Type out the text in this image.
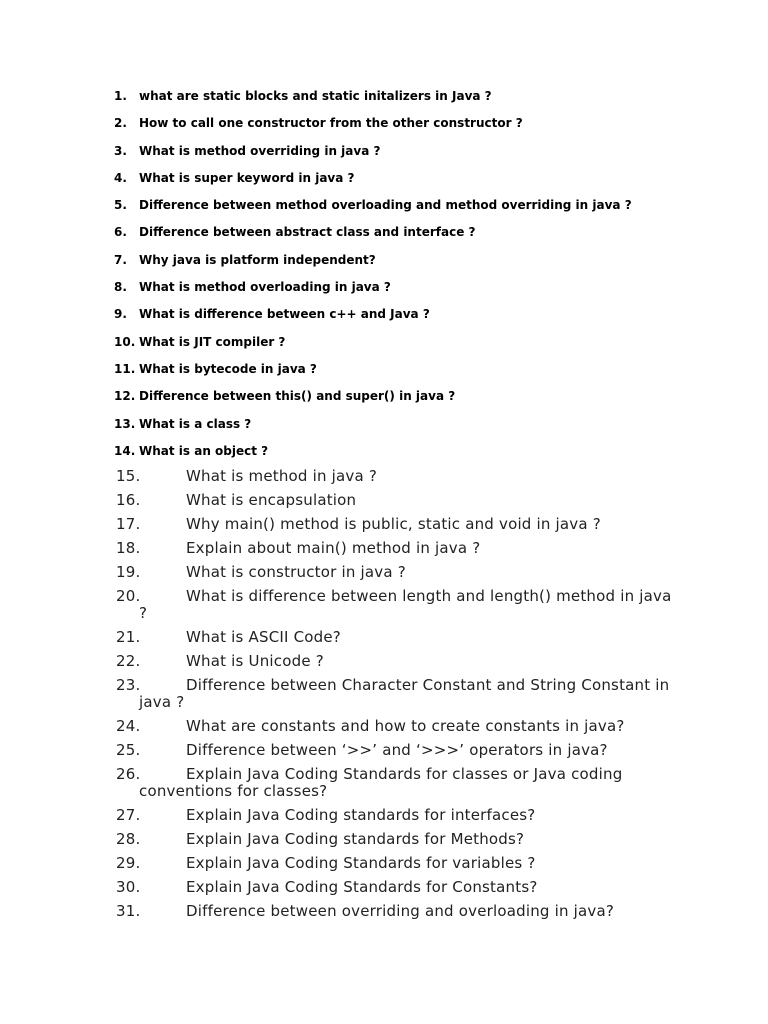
1. what are static blocks and static initalizers in Java ?
2. How to call one constructor from the other constructor ?
3. What is method overriding in java ?
4. What is super keyword in java ?
5. Difference between method overloading and method overriding in java ?
6. Difference between abstract class and interface ?
7. Why java is platform independent?
8. What is method overloading in java ?
9. What is difference between c++ and Java ?
10. What is JIT compiler ?
11. What is bytecode in java ?
12. Difference between this() and super() in java ?
13. What is a class ?
14. What is an object ?
15.	What is method in java ?
16.	What is encapsulation
17.	Why main() method is public, static and void in java ?
18.	Explain about main() method in java ?
19.	What is constructor in java ?
20.	What is difference between length and length() method in java ?
21.	What is ASCII Code?
22.	What is Unicode ?
23.	Difference between Character Constant and String Constant in java ?
24.	What are constants and how to create constants in java?
25.	Difference between ‘>>’ and ‘>>>’ operators in java?
26.	Explain Java Coding Standards for classes or Java coding conventions for classes?
27.	Explain Java Coding standards for interfaces?
28.	Explain Java Coding standards for Methods?
29.	Explain Java Coding Standards for variables ?
30.	Explain Java Coding Standards for Constants?
31.	Difference between overriding and overloading in java?
